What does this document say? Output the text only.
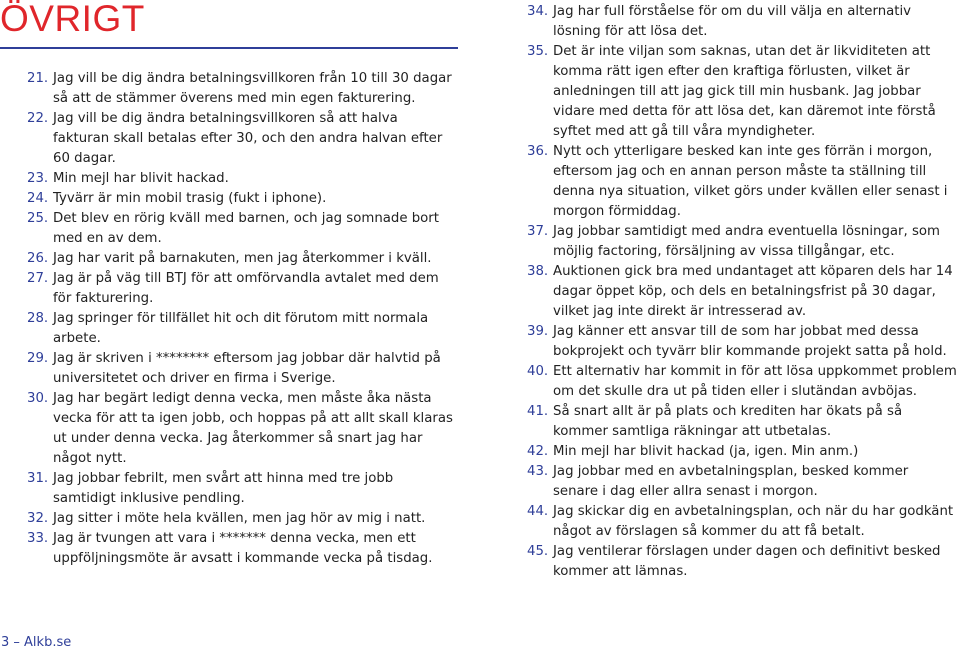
ÖVRIGT
21. Jag vill be dig ändra betalningsvillkoren från 10 till 30 dagar så att de stämmer överens med min egen fakturering.
22. Jag vill be dig ändra betalningsvillkoren så att halva fakturan skall betalas efter 30, och den andra halvan efter 60 dagar.
23. Min mejl har blivit hackad.
24. Tyvärr är min mobil trasig (fukt i iphone).
25. Det blev en rörig kväll med barnen, och jag somnade bort med en av dem.
26. Jag har varit på barnakuten, men jag återkommer i kväll.
27. Jag är på väg till BTJ för att omförvandla avtalet med dem för fakturering.
28. Jag springer för tillfället hit och dit förutom mitt normala arbete.
29. Jag är skriven i ******** eftersom jag jobbar där halvtid på universitetet och driver en firma i Sverige.
30. Jag har begärt ledigt denna vecka, men måste åka nästa vecka för att ta igen jobb, och hoppas på att allt skall klaras ut under denna vecka. Jag återkommer så snart jag har något nytt.
31. Jag jobbar febrilt, men svårt att hinna med tre jobb samtidigt inklusive pendling.
32. Jag sitter i möte hela kvällen, men jag hör av mig i natt.
33. Jag är tvungen att vara i ******* denna vecka, men ett uppföljningsmöte är avsatt i kommande vecka på tisdag.
34. Jag har full förståelse för om du vill välja en alternativ lösning för att lösa det.
35. Det är inte viljan som saknas, utan det är likviditeten att komma rätt igen efter den kraftiga förlusten, vilket är anledningen till att jag gick till min husbank. Jag jobbar vidare med detta för att lösa det, kan däremot inte förstå syftet med att gå till våra myndigheter.
36. Nytt och ytterligare besked kan inte ges förrän i morgon, eftersom jag och en annan person måste ta ställning till denna nya situation, vilket görs under kvällen eller senast i morgon förmiddag.
37. Jag jobbar samtidigt med andra eventuella lösningar, som möjlig factoring, försäljning av vissa tillgångar, etc.
38. Auktionen gick bra med undantaget att köparen dels har 14 dagar öppet köp, och dels en betalningsfrist på 30 dagar, vilket jag inte direkt är intresserad av.
39. Jag känner ett ansvar till de som har jobbat med dessa bokprojekt och tyvärr blir kommande projekt satta på hold.
40. Ett alternativ har kommit in för att lösa uppkommet problem om det skulle dra ut på tiden eller i slutändan avböjas.
41. Så snart allt är på plats och krediten har ökats på så kommer samtliga räkningar att utbetalas.
42. Min mejl har blivit hackad (ja, igen. Min anm.)
43. Jag jobbar med en avbetalningsplan, besked kommer senare i dag eller allra senast i morgon.
44. Jag skickar dig en avbetalningsplan, och när du har godkänt något av förslagen så kommer du att få betalt.
45. Jag ventilerar förslagen under dagen och definitivt besked kommer att lämnas.
3 – Alkb.se
